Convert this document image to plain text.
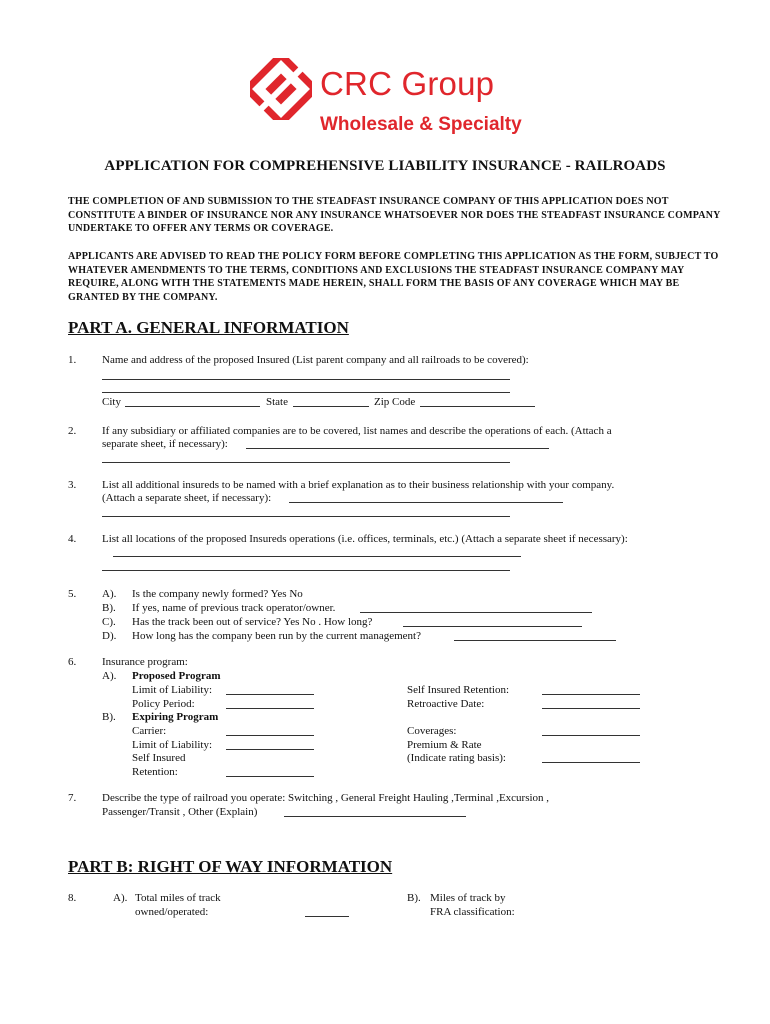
CRC Group
Wholesale & Specialty
APPLICATION FOR COMPREHENSIVE LIABILITY INSURANCE - RAILROADS
THE COMPLETION OF AND SUBMISSION TO THE STEADFAST INSURANCE COMPANY OF THIS APPLICATION DOES NOT
CONSTITUTE A BINDER OF INSURANCE NOR ANY INSURANCE WHATSOEVER NOR DOES THE STEADFAST INSURANCE COMPANY
UNDERTAKE TO OFFER ANY TERMS OR COVERAGE.
APPLICANTS ARE ADVISED TO READ THE POLICY FORM BEFORE COMPLETING THIS APPLICATION AS THE FORM, SUBJECT TO
WHATEVER AMENDMENTS TO THE TERMS, CONDITIONS AND EXCLUSIONS THE STEADFAST INSURANCE COMPANY MAY
REQUIRE, ALONG WITH THE STATEMENTS MADE HEREIN, SHALL FORM THE BASIS OF ANY COVERAGE WHICH MAY BE
GRANTED BY THE COMPANY.
PART A. GENERAL INFORMATION
1. Name and address of the proposed Insured (List parent company and all railroads to be covered):
City	State	Zip Code
2. If any subsidiary or affiliated companies are to be covered, list names and describe the operations of each. (Attach a
separate sheet, if necessary):
3. List all additional insureds to be named with a brief explanation as to their business relationship with your company.
(Attach a separate sheet, if necessary):
4. List all locations of the proposed Insureds operations (i.e. offices, terminals, etc.) (Attach a separate sheet if necessary):
5. A). Is the company newly formed? Yes No
B). If yes, name of previous track operator/owner.
C). Has the track been out of service? Yes No . How long?
D). How long has the company been run by the current management?
6. Insurance program:
A). Proposed Program
Limit of Liability:	Self Insured Retention:
Policy Period:	Retroactive Date:
B). Expiring Program
Carrier:	Coverages:
Limit of Liability:	Premium & Rate
Self Insured	(Indicate rating basis):
Retention:
7. Describe the type of railroad you operate: Switching , General Freight Hauling ,Terminal ,Excursion ,
Passenger/Transit , Other (Explain)
PART B: RIGHT OF WAY INFORMATION
8.	A). Total miles of track
owned/operated:
B). Miles of track by
FRA classification:
